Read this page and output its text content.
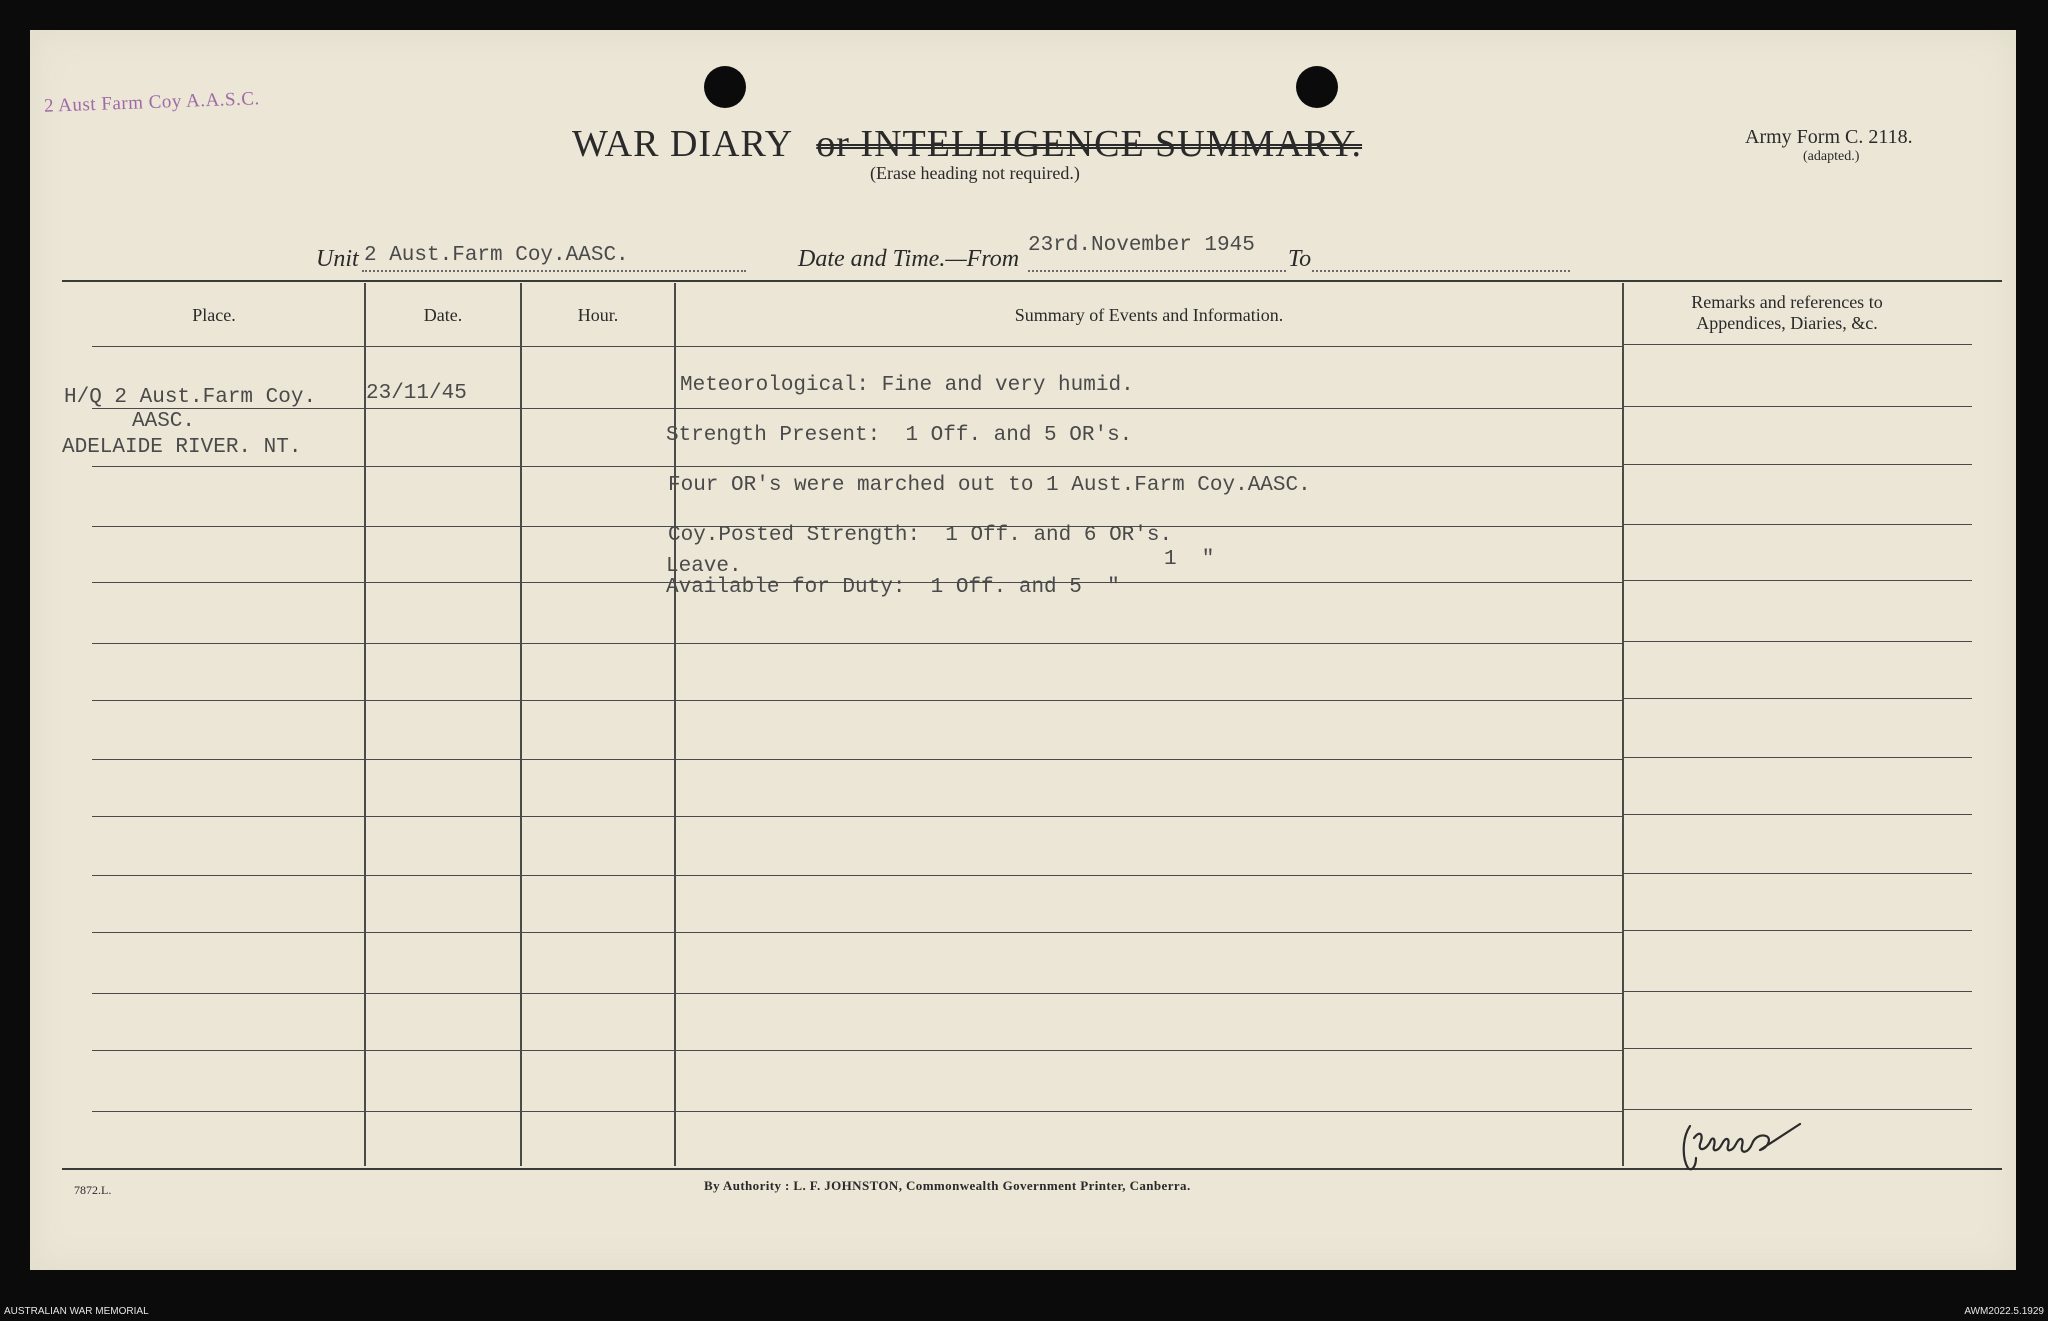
2 Aust Farm Coy A.A.S.C.
WAR DIARY or INTELLIGENCE SUMMARY.
(Erase heading not required.)
Army Form C. 2118.
(adapted.)
Unit 2 Aust.Farm Coy.AASC.	Date and Time.—From
23rd.November 1945
To
Place.	Date.	Hour.	Summary of Events and Information.
Remarks and references to Appendices, Diaries, &c.
H/Q 2 Aust.Farm Coy.
AASC.
ADELAIDE RIVER. NT.
23/11/45	Meteorological: Fine and very humid.
Strength Present:  1 Off. and 5 OR's.
Four OR's were marched out to 1 Aust.Farm Coy.AASC.
Coy.Posted Strength:  1 Off. and 6 OR's.
Leave.	1  "
Available for Duty:  1 Off. and 5  "
7872.L.	By Authority : L. F. JOHNSTON, Commonwealth Government Printer, Canberra.
AUSTRALIAN WAR MEMORIAL	AWM2022.5.1929
